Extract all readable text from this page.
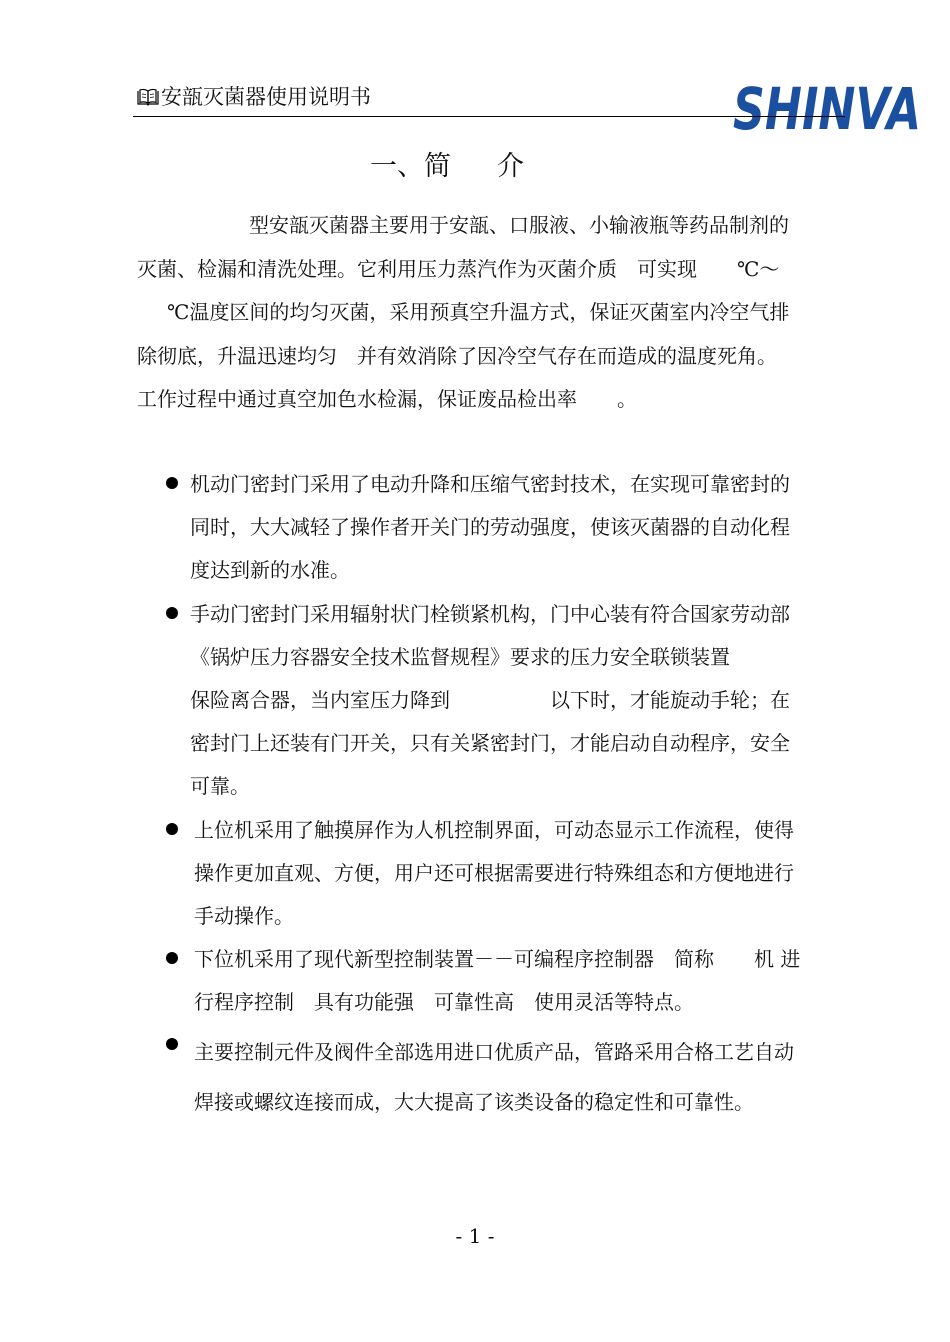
安瓿灭菌器使用说明书	SHINVA
一、简 介
型安瓿灭菌器主要用于安瓿、口服液、小输液瓶等药品制剂的
灭菌、检漏和清洗处理。它利用压力蒸汽作为灭菌介质　可实现　　℃～
℃温度区间的均匀灭菌，采用预真空升温方式，保证灭菌室内冷空气排
除彻底，升温迅速均匀　并有效消除了因冷空气存在而造成的温度死角。
工作过程中通过真空加色水检漏，保证废品检出率　　。
机动门密封门采用了电动升降和压缩气密封技术，在实现可靠密封的
同时，大大减轻了操作者开关门的劳动强度，使该灭菌器的自动化程
度达到新的水准。
手动门密封门采用辐射状门栓锁紧机构，门中心装有符合国家劳动部
《锅炉压力容器安全技术监督规程》要求的压力安全联锁装置
保险离合器，当内室压力降到　　　　　以下时，才能旋动手轮；在
密封门上还装有门开关，只有关紧密封门，才能启动自动程序，安全
可靠。
上位机采用了触摸屏作为人机控制界面，可动态显示工作流程，使得
操作更加直观、方便，用户还可根据需要进行特殊组态和方便地进行
手动操作。
下位机采用了现代新型控制装置－－可编程序控制器　简称　　机 进
行程序控制　具有功能强　可靠性高　使用灵活等特点。
主要控制元件及阀件全部选用进口优质产品，管路采用合格工艺自动
焊接或螺纹连接而成，大大提高了该类设备的稳定性和可靠性。
- 1 -
